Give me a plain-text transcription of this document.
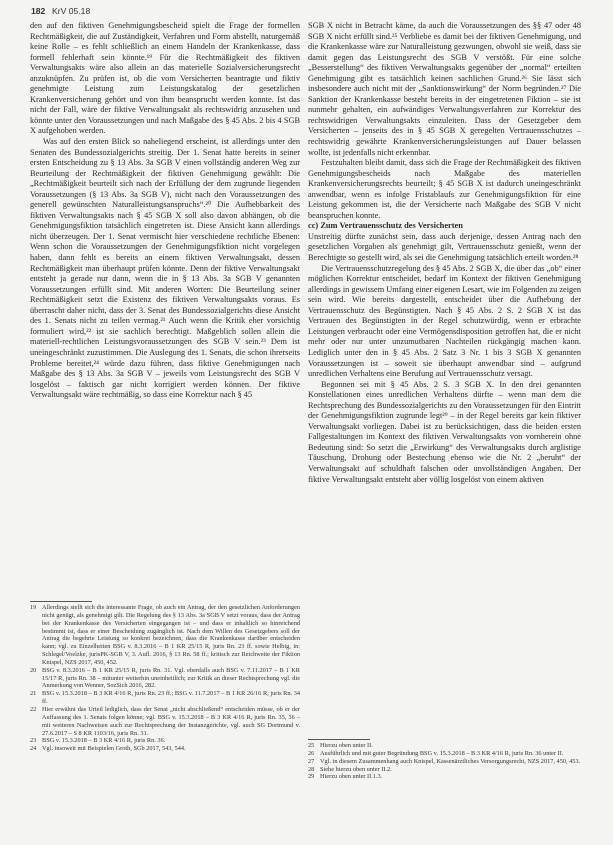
182 KrV 05.18

den auf den fiktiven Genehmigungsbescheid spielt die Frage der formellen Rechtmäßigkeit, die auf Zuständigkeit, Verfahren und Form abstellt, naturgemäß keine Rolle – es fehlt schließlich an einem Handeln der Krankenkasse, dass formell fehlerhaft sein könnte.¹⁹ Für die Rechtmäßigkeit des fiktiven Verwaltungsakts wäre also allein an das materielle Sozialversicherungsrecht anzuknüpfen. Zu prüfen ist, ob die vom Versicherten beantragte und fiktiv genehmigte Leistung zum Leistungskatalog der gesetzlichen Krankenversicherung gehört und von ihm beansprucht werden konnte. Ist das nicht der Fall, wäre der fiktive Verwaltungsakt als rechtswidrig anzusehen und könnte unter den Voraussetzungen und nach Maßgabe des § 45 Abs. 2 bis 4 SGB X aufgehoben werden.

Was auf den ersten Blick so naheliegend erscheint, ist allerdings unter den Senaten des Bundessozialgerichts streitig. Der 1. Senat hatte bereits in seiner ersten Entscheidung zu § 13 Abs. 3a SGB V einen vollständig anderen Weg zur Beurteilung der Rechtmäßigkeit der fiktiven Genehmigung gewählt: Die „Rechtmäßigkeit beurteilt sich nach der Erfüllung der dem zugrunde liegenden Voraussetzungen (§ 13 Abs. 3a SGB V), nicht nach den Voraussetzungen des generell gewünschten Naturalleistungsanspruchs“.²⁰ Die Aufhebbarkeit des fiktiven Verwaltungsakts nach § 45 SGB X soll also davon abhängen, ob die Genehmigungsfiktion tatsächlich eingetreten ist. Diese Ansicht kann allerdings nicht überzeugen. Der 1. Senat vermischt hier verschiedene rechtliche Ebenen: Wenn schon die Voraussetzungen der Genehmigungsfiktion nicht vorgelegen haben, dann fehlt es bereits an einem fiktiven Verwaltungsakt, dessen Rechtmäßigkeit man überhaupt prüfen könnte. Denn der fiktive Verwaltungsakt entsteht ja gerade nur dann, wenn die in § 13 Abs. 3a SGB V genannten Voraussetzungen erfüllt sind. Mit anderen Worten: Die Beurteilung seiner Rechtmäßigkeit setzt die Existenz des fiktiven Verwaltungsakts voraus. Es überrascht daher nicht, dass der 3. Senat des Bundessozialgerichts diese Ansicht des 1. Senats nicht zu teilen vermag.²¹ Auch wenn die Kritik eher vorsichtig formuliert wird,²² ist sie sachlich berechtigt. Maßgeblich sollen allein die materiell-rechtlichen Leistungsvoraussetzungen des SGB V sein.²³ Dem ist uneingeschränkt zuzustimmen. Die Auslegung des 1. Senats, die schon ihrerseits Probleme bereitet,²⁴ würde dazu führen, dass fiktive Genehmigungen nach Maßgabe des § 13 Abs. 3a SGB V – jeweils vom Leistungsrecht des SGB V losgelöst – faktisch gar nicht korrigiert werden können. Der fiktive Verwaltungsakt wäre rechtmäßig, so dass eine Korrektur nach § 45

19 Allerdings stellt sich die interessante Frage, ob auch ein Antrag, der den gesetzlichen Anforderungen nicht genügt, als genehmigt gilt. Die Regelung des § 13 Abs. 3a SGB V setzt voraus, dass der Antrag bei der Krankenkasse des Versicherten eingegangen ist – und dass er inhaltlich so hinreichend bestimmt ist, dass er einer Bescheidung zugänglich ist. Nach dem Willen des Gesetzgebers soll der Antrag die begehrte Leistung so konkret bezeichnen, dass die Krankenkasse darüber entscheiden kann; vgl. zu Einzelheiten BSG v. 8.3.2016 – B 1 KR 25/15 R, juris Rn. 23 ff. sowie Helbig, in: Schlegel/Voelzke, jurisPK-SGB V, 3. Aufl. 2016, § 13 Rn. 58 ff.; kritisch zur Reichweite der Fiktion Knispel, NZS 2017, 450, 452.
20 BSG v. 8.3.2016 – B 1 KR 25/15 R, juris Rn. 31. Vgl. ebenfalls auch BSG v. 7.11.2017 – B 1 KR 15/17 R, juris Rn. 38 – mitunter weiterhin uneinheitlich; zur Kritik an dieser Rechtsprechung vgl. die Anmerkung von Wenner, SozSich 2016, 282.
21 BSG v. 15.3.2018 – B 3 KR 4/16 R, juris Rn. 23 ff.; BSG v. 11.7.2017 – B 1 KR 26/16 R, juris Rn. 34 ff.
22 Hier erwähnt das Urteil lediglich, dass der Senat „nicht abschließend“ entscheiden müsse, ob er der Auffassung des 1. Senats folgen könne; vgl. BSG v. 15.3.2018 – B 3 KR 4/16 R, juris Rn. 35, 36 – mit weiteren Nachweisen auch zur Rechtsprechung der Instanzgerichte, vgl. auch SG Dortmund v. 27.6.2017 – S 8 KR 1103/16, juris Rn. 31.
23 BSG v. 15.3.2018 – B 3 KR 4/16 R, juris Rn. 36.
24 Vgl. insoweit mit Beispielen Groth, SGb 2017, 543, 544.

SGB X nicht in Betracht käme, da auch die Voraussetzungen des §§ 47 oder 48 SGB X nicht erfüllt sind.²⁵ Verbliebe es damit bei der fiktiven Genehmigung, und die Krankenkasse wäre zur Naturalleistung gezwungen, obwohl sie weiß, dass sie damit gegen das Leistungsrecht des SGB V verstößt. Für eine solche „Besserstellung“ des fiktiven Verwaltungsakts gegenüber der „normal“ erteilten Genehmigung gibt es tatsächlich keinen sachlichen Grund.²⁶ Sie lässt sich insbesondere auch nicht mit der „Sanktionswirkung“ der Norm begründen.²⁷ Die Sanktion der Krankenkasse besteht bereits in der eingetretenen Fiktion – sie ist nunmehr gehalten, ein aufwändiges Verwaltungsverfahren zur Korrektur des rechtswidrigen Verwaltungsakts einzuleiten. Dass der Gesetzgeber dem Versicherten – jenseits des in § 45 SGB X geregelten Vertrauensschutzes – rechtswidrig gewährte Krankenversicherungsleistungen auf Dauer belassen wollte, ist jedenfalls nicht erkennbar.

Festzuhalten bleibt damit, dass sich die Frage der Rechtmäßigkeit des fiktiven Genehmigungsbescheids nach Maßgabe des materiellen Krankenversicherungsrechts beurteilt; § 45 SGB X ist dadurch uneingeschränkt anwendbar, wenn es infolge Fristablaufs zur Genehmigungsfiktion für eine Leistung gekommen ist, die der Versicherte nach Maßgabe des SGB V nicht beanspruchen konnte.

cc) Zum Vertrauensschutz des Versicherten

Unstreitig dürfte zunächst sein, dass auch derjenige, dessen Antrag nach den gesetzlichen Vorgaben als genehmigt gilt, Vertrauensschutz genießt, wenn der Berechtigte so gestellt wird, als sei die Genehmigung tatsächlich erteilt worden.²⁸

Die Vertrauensschutzregelung des § 45 Abs. 2 SGB X, die über das „ob“ einer möglichen Korrektur entscheidet, bedarf im Kontext der fiktiven Genehmigung allerdings in gewissem Umfang einer eigenen Lesart, wie im Folgenden zu zeigen sein wird. Wie bereits dargestellt, entscheidet über die Aufhebung der Vertrauensschutz des Begünstigten. Nach § 45 Abs. 2 S. 2 SGB X ist das Vertrauen des Begünstigten in der Regel schutzwürdig, wenn er erbrachte Leistungen verbraucht oder eine Vermögensdisposition getroffen hat, die er nicht mehr oder nur unter unzumutbaren Nachteilen rückgängig machen kann. Lediglich unter den in § 45 Abs. 2 Satz 3 Nr. 1 bis 3 SGB X genannten Voraussetzungen ist – soweit sie überhaupt anwendbar sind – aufgrund unredlichen Verhaltens eine Berufung auf Vertrauensschutz versagt.

Begonnen sei mit § 45 Abs. 2 S. 3 SGB X. In den drei genannten Konstellationen eines unredlichen Verhaltens dürfte – wenn man dem die Rechtsprechung des Bundessozialgerichts zu den Voraussetzungen für den Eintritt der Genehmigungsfiktion zugrunde legt²⁹ – in der Regel bereits gar kein fiktiver Verwaltungsakt vorliegen. Dabei ist zu berücksichtigen, dass die beiden ersten Fallgestaltungen im Kontext des fiktiven Verwaltungsakts von vornherein ohne Bedeutung sind: So setzt die „Erwirkung“ des Verwaltungsakts durch arglistige Täuschung, Drohung oder Bestechung ebenso wie die Nr. 2 „beruht“ der Verwaltungsakt auf schuldhaft falschen oder unvollständigen Angaben. Der fiktive Verwaltungsakt entsteht aber völlig losgelöst von einem aktiven

25 Hierzu oben unter II.
26 Ausführlich und mit guter Begründung BSG v. 15.3.2018 – B 3 KR 4/16 R, juris Rn. 36 unter II.
27 Vgl. in diesem Zusammenhang auch Knispel, Kassenärztliches Versorgungsrecht, NZS 2017, 450, 453.
28 Siehe hierzu oben unter II.2.
29 Hierzu oben unter II.1.3.
